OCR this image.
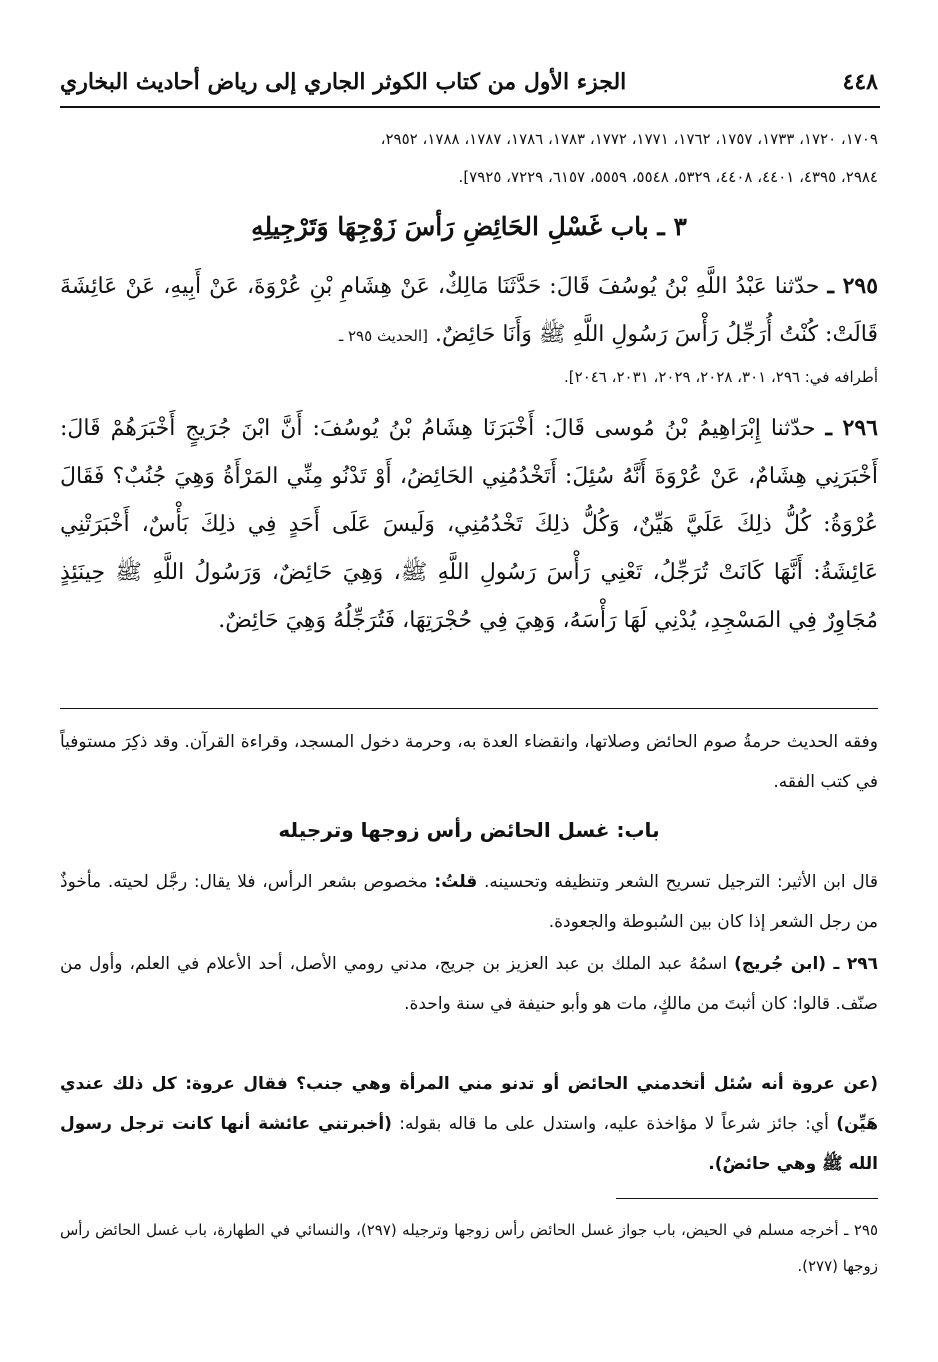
٤٤٨
الجزء الأول من كتاب الكوثر الجاري إلى رياض أحاديث البخاري

١٧٠٩، ١٧٢٠، ١٧٣٣، ١٧٥٧، ١٧٦٢، ١٧٧١، ١٧٧٢، ١٧٨٣، ١٧٨٦، ١٧٨٧، ١٧٨٨، ٢٩٥٢،

٢٩٨٤، ٤٣٩٥، ٤٤٠١، ٤٤٠٨، ٥٣٢٩، ٥٥٤٨، ٥٥٥٩، ٦١٥٧، ٧٢٢٩، ٧٩٢٥].

٣ ـ باب غَسْلِ الحَائِضِ رَأسَ زَوْجِهَا وَتَرْجِيلِهِ
٢٩٥ ـ حدّثنا عَبْدُ اللَّهِ بْنُ يُوسُفَ قَالَ: حَدَّثَنَا مَالِكٌ، عَنْ هِشَامِ بْنِ عُرْوَةَ، عَنْ أَبِيهِ، عَنْ عَائِشَةَ قَالَتْ: كُنْتُ أُرَجِّلُ رَأْسَ رَسُولِ اللَّهِ ﷺ وَأَنَا حَائِضٌ. [الحديث ٢٩٥ ـ
أطرافه في: ٢٩٦، ٣٠١، ٢٠٢٨، ٢٠٢٩، ٢٠٣١، ٢٠٤٦].
٢٩٦ ـ حدّثنا إِبْرَاهِيمُ بْنُ مُوسى قَالَ: أَخْبَرَنَا هِشَامُ بْنُ يُوسُفَ: أَنَّ ابْنَ جُرَيجٍ أَخْبَرَهُمْ قَالَ: أَخْبَرَنِي هِشَامٌ، عَنْ عُرْوَةَ أَنَّهُ سُئِلَ: أَتَخْدُمُنِي الحَائِضُ، أَوْ تَدْنُو مِنِّي المَرْأَةُ وَهِيَ جُنُبٌ؟ فَقَالَ عُرْوَةُ: كُلُّ ذلِكَ عَلَيَّ هَيِّنٌ، وَكُلُّ ذلِكَ تَخْدُمُنِي، وَلَيسَ عَلَى أَحَدٍ فِي ذلِكَ بَأْسٌ، أَخْبَرَتْنِي عَائِشَةُ: أَنَّهَا كَانَتْ تُرَجِّلُ، تَعْنِي رَأْسَ رَسُولِ اللَّهِ ﷺ، وَهِيَ حَائِضٌ، وَرَسُولُ اللَّهِ ﷺ حِينَئِذٍ مُجَاوِرٌ فِي المَسْجِدِ، يُدْنِي لَهَا رَأْسَهُ، وَهِيَ فِي حُجْرَتِهَا، فَتُرَجِّلُهُ وَهِيَ حَائِضٌ.
وفقه الحديث حرمةُ صوم الحائض وصلاتها، وانقضاء العدة به، وحرمة دخول المسجد، وقراءة القرآن. وقد ذكِرَ مستوفياً في كتب الفقه.
باب: غسل الحائض رأس زوجها وترجيله
قال ابن الأثير: الترجيل تسريح الشعر وتنظيفه وتحسينه. قلتُ: مخصوص بشعر الرأس، فلا يقال: رجَّل لحيته. مأخوذٌ من رجل الشعر إذا كان بين السُبوطة والجعودة.
٢٩٦ ـ (ابن جُريج) اسمُهُ عبد الملك بن عبد العزيز بن جريج، مدني رومي الأصل، أحد الأعلام في العلم، وأول من صنّف. قالوا: كان أثبتَ من مالكٍ، مات هو وأبو حنيفة في سنة واحدة.
(عن عروة أنه سُئل أتخدمني الحائض أو تدنو مني المرأة وهي جنب؟ فقال عروة: كل ذلك عندي هَيِّن) أي: جائز شرعاً لا مؤاخذة عليه، واستدل على ما قاله بقوله: (أخبرتني عائشة أنها كانت ترجل رسول الله ﷺ وهي حائضٌ).
٢٩٥ ـ أخرجه مسلم في الحيض، باب جواز غسل الحائض رأس زوجها وترجيله (٢٩٧)، والنسائي في الطهارة، باب غسل الحائض رأس زوجها (٢٧٧).
